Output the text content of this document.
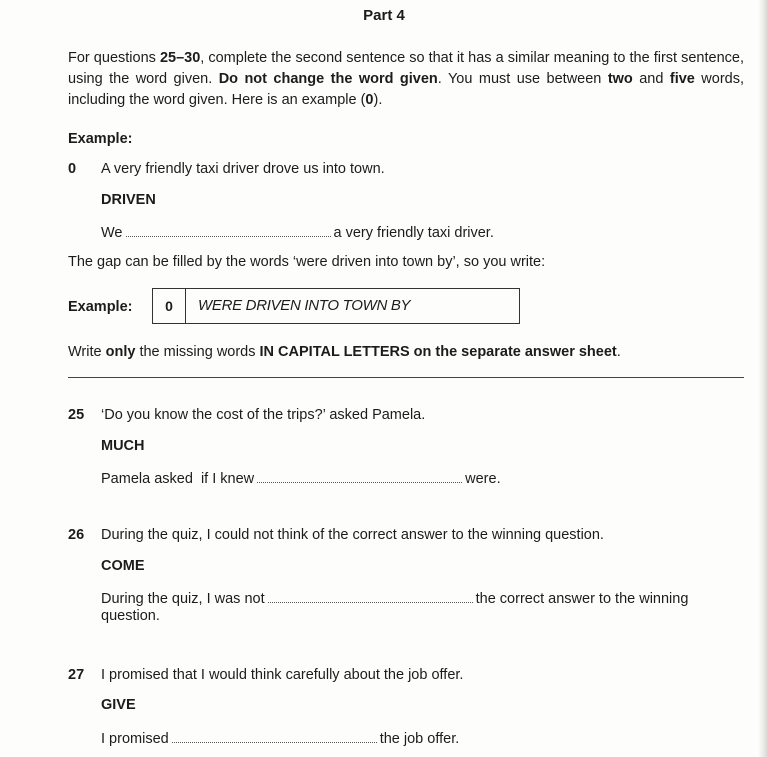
Part 4
For questions 25–30, complete the second sentence so that it has a similar meaning to the first sentence, using the word given. Do not change the word given. You must use between two and five words, including the word given. Here is an example (0).
Example:
0 A very friendly taxi driver drove us into town.
DRIVEN
We	a very friendly taxi driver.
The gap can be filled by the words ‘were driven into town by’, so you write:
Example:	0	WERE DRIVEN INTO TOWN BY
Write only the missing words IN CAPITAL LETTERS on the separate answer sheet.
25 ‘Do you know the cost of the trips?’ asked Pamela.
MUCH
Pamela asked  if I knew	were.
26 During the quiz, I could not think of the correct answer to the winning question.
COME
During the quiz, I was not	the correct answer to the winning
question.
27 I promised that I would think carefully about the job offer.
GIVE
I promised	the job offer.
